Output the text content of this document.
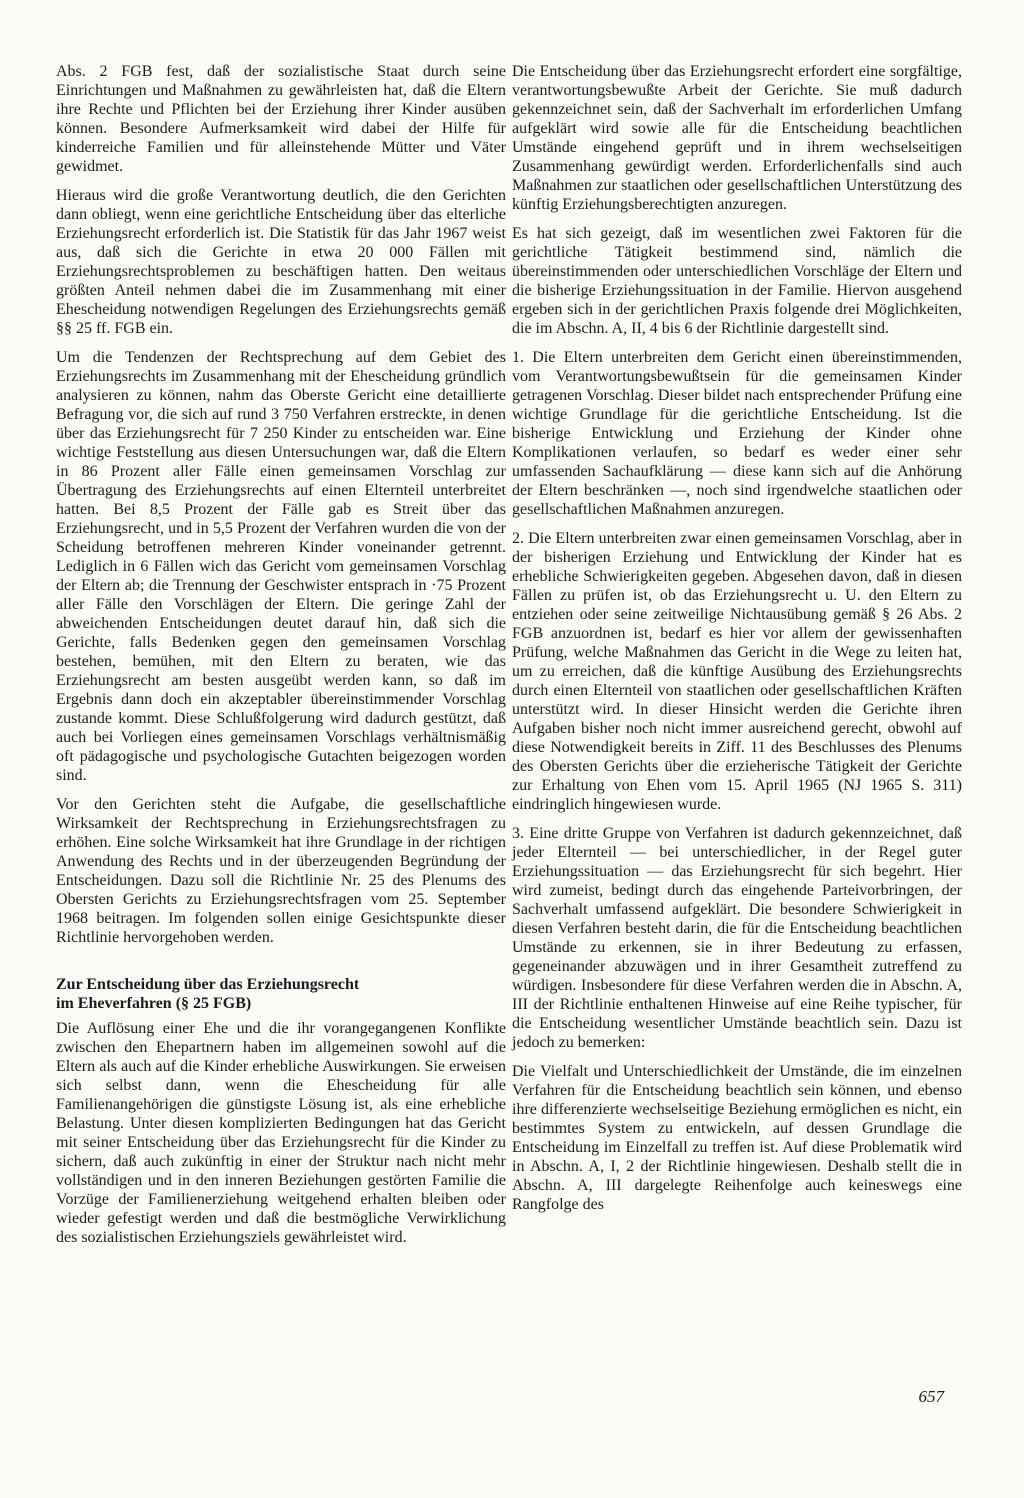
Abs. 2 FGB fest, daß der sozialistische Staat durch seine Einrichtungen und Maßnahmen zu gewährleisten hat, daß die Eltern ihre Rechte und Pflichten bei der Erziehung ihrer Kinder ausüben können. Besondere Aufmerksamkeit wird dabei der Hilfe für kinderreiche Familien und für alleinstehende Mütter und Väter gewidmet.

Hieraus wird die große Verantwortung deutlich, die den Gerichten dann obliegt, wenn eine gerichtliche Entscheidung über das elterliche Erziehungsrecht erforderlich ist. Die Statistik für das Jahr 1967 weist aus, daß sich die Gerichte in etwa 20 000 Fällen mit Erziehungsrechtsproblemen zu beschäftigen hatten. Den weitaus größten Anteil nehmen dabei die im Zusammenhang mit einer Ehescheidung notwendigen Regelungen des Erziehungsrechts gemäß §§ 25 ff. FGB ein.

Um die Tendenzen der Rechtsprechung auf dem Gebiet des Erziehungsrechts im Zusammenhang mit der Ehescheidung gründlich analysieren zu können, nahm das Oberste Gericht eine detaillierte Befragung vor, die sich auf rund 3 750 Verfahren erstreckte, in denen über das Erziehungsrecht für 7 250 Kinder zu entscheiden war. Eine wichtige Feststellung aus diesen Untersuchungen war, daß die Eltern in 86 Prozent aller Fälle einen gemeinsamen Vorschlag zur Übertragung des Erziehungsrechts auf einen Elternteil unterbreitet hatten. Bei 8,5 Prozent der Fälle gab es Streit über das Erziehungsrecht, und in 5,5 Prozent der Verfahren wurden die von der Scheidung betroffenen mehreren Kinder voneinander getrennt. Lediglich in 6 Fällen wich das Gericht vom gemeinsamen Vorschlag der Eltern ab; die Trennung der Geschwister entsprach in ·75 Prozent aller Fälle den Vorschlägen der Eltern. Die geringe Zahl der abweichenden Entscheidungen deutet darauf hin, daß sich die Gerichte, falls Bedenken gegen den gemeinsamen Vorschlag bestehen, bemühen, mit den Eltern zu beraten, wie das Erziehungsrecht am besten ausgeübt werden kann, so daß im Ergebnis dann doch ein akzeptabler übereinstimmender Vorschlag zustande kommt. Diese Schlußfolgerung wird dadurch gestützt, daß auch bei Vorliegen eines gemeinsamen Vorschlags verhältnismäßig oft pädagogische und psychologische Gutachten beigezogen worden sind.

Vor den Gerichten steht die Aufgabe, die gesellschaftliche Wirksamkeit der Rechtsprechung in Erziehungsrechtsfragen zu erhöhen. Eine solche Wirksamkeit hat ihre Grundlage in der richtigen Anwendung des Rechts und in der überzeugenden Begründung der Entscheidungen. Dazu soll die Richtlinie Nr. 25 des Plenums des Obersten Gerichts zu Erziehungsrechtsfragen vom 25. September 1968 beitragen. Im folgenden sollen einige Gesichtspunkte dieser Richtlinie hervorgehoben werden.

Zur Entscheidung über das Erziehungsrecht
im Eheverfahren (§ 25 FGB)

Die Auflösung einer Ehe und die ihr vorangegangenen Konflikte zwischen den Ehepartnern haben im allgemeinen sowohl auf die Eltern als auch auf die Kinder erhebliche Auswirkungen. Sie erweisen sich selbst dann, wenn die Ehescheidung für alle Familienangehörigen die günstigste Lösung ist, als eine erhebliche Belastung. Unter diesen komplizierten Bedingungen hat das Gericht mit seiner Entscheidung über das Erziehungsrecht für die Kinder zu sichern, daß auch zukünftig in einer der Struktur nach nicht mehr vollständigen und in den inneren Beziehungen gestörten Familie die Vorzüge der Familienerziehung weitgehend erhalten bleiben oder wieder gefestigt werden und daß die bestmögliche Verwirklichung des sozialistischen Erziehungsziels gewährleistet wird.

Die Entscheidung über das Erziehungsrecht erfordert eine sorgfältige, verantwortungsbewußte Arbeit der Gerichte. Sie muß dadurch gekennzeichnet sein, daß der Sachverhalt im erforderlichen Umfang aufgeklärt wird sowie alle für die Entscheidung beachtlichen Umstände eingehend geprüft und in ihrem wechselseitigen Zusammenhang gewürdigt werden. Erforderlichenfalls sind auch Maßnahmen zur staatlichen oder gesellschaftlichen Unterstützung des künftig Erziehungsberechtigten anzuregen.

Es hat sich gezeigt, daß im wesentlichen zwei Faktoren für die gerichtliche Tätigkeit bestimmend sind, nämlich die übereinstimmenden oder unterschiedlichen Vorschläge der Eltern und die bisherige Erziehungssituation in der Familie. Hiervon ausgehend ergeben sich in der gerichtlichen Praxis folgende drei Möglichkeiten, die im Abschn. A, II, 4 bis 6 der Richtlinie dargestellt sind.

1. Die Eltern unterbreiten dem Gericht einen übereinstimmenden, vom Verantwortungsbewußtsein für die gemeinsamen Kinder getragenen Vorschlag. Dieser bildet nach entsprechender Prüfung eine wichtige Grundlage für die gerichtliche Entscheidung. Ist die bisherige Entwicklung und Erziehung der Kinder ohne Komplikationen verlaufen, so bedarf es weder einer sehr umfassenden Sachaufklärung — diese kann sich auf die Anhörung der Eltern beschränken —, noch sind irgendwelche staatlichen oder gesellschaftlichen Maßnahmen anzuregen.

2. Die Eltern unterbreiten zwar einen gemeinsamen Vorschlag, aber in der bisherigen Erziehung und Entwicklung der Kinder hat es erhebliche Schwierigkeiten gegeben. Abgesehen davon, daß in diesen Fällen zu prüfen ist, ob das Erziehungsrecht u. U. den Eltern zu entziehen oder seine zeitweilige Nichtausübung gemäß § 26 Abs. 2 FGB anzuordnen ist, bedarf es hier vor allem der gewissenhaften Prüfung, welche Maßnahmen das Gericht in die Wege zu leiten hat, um zu erreichen, daß die künftige Ausübung des Erziehungsrechts durch einen Elternteil von staatlichen oder gesellschaftlichen Kräften unterstützt wird. In dieser Hinsicht werden die Gerichte ihren Aufgaben bisher noch nicht immer ausreichend gerecht, obwohl auf diese Notwendigkeit bereits in Ziff. 11 des Beschlusses des Plenums des Obersten Gerichts über die erzieherische Tätigkeit der Gerichte zur Erhaltung von Ehen vom 15. April 1965 (NJ 1965 S. 311) eindringlich hingewiesen wurde.

3. Eine dritte Gruppe von Verfahren ist dadurch gekennzeichnet, daß jeder Elternteil — bei unterschiedlicher, in der Regel guter Erziehungssituation — das Erziehungsrecht für sich begehrt. Hier wird zumeist, bedingt durch das eingehende Parteivorbringen, der Sachverhalt umfassend aufgeklärt. Die besondere Schwierigkeit in diesen Verfahren besteht darin, die für die Entscheidung beachtlichen Umstände zu erkennen, sie in ihrer Bedeutung zu erfassen, gegeneinander abzuwägen und in ihrer Gesamtheit zutreffend zu würdigen. Insbesondere für diese Verfahren werden die in Abschn. A, III der Richtlinie enthaltenen Hinweise auf eine Reihe typischer, für die Entscheidung wesentlicher Umstände beachtlich sein. Dazu ist jedoch zu bemerken:

Die Vielfalt und Unterschiedlichkeit der Umstände, die im einzelnen Verfahren für die Entscheidung beachtlich sein können, und ebenso ihre differenzierte wechselseitige Beziehung ermöglichen es nicht, ein bestimmtes System zu entwickeln, auf dessen Grundlage die Entscheidung im Einzelfall zu treffen ist. Auf diese Problematik wird in Abschn. A, I, 2 der Richtlinie hingewiesen. Deshalb stellt die in Abschn. A, III dargelegte Reihenfolge auch keineswegs eine Rangfolge des

657
